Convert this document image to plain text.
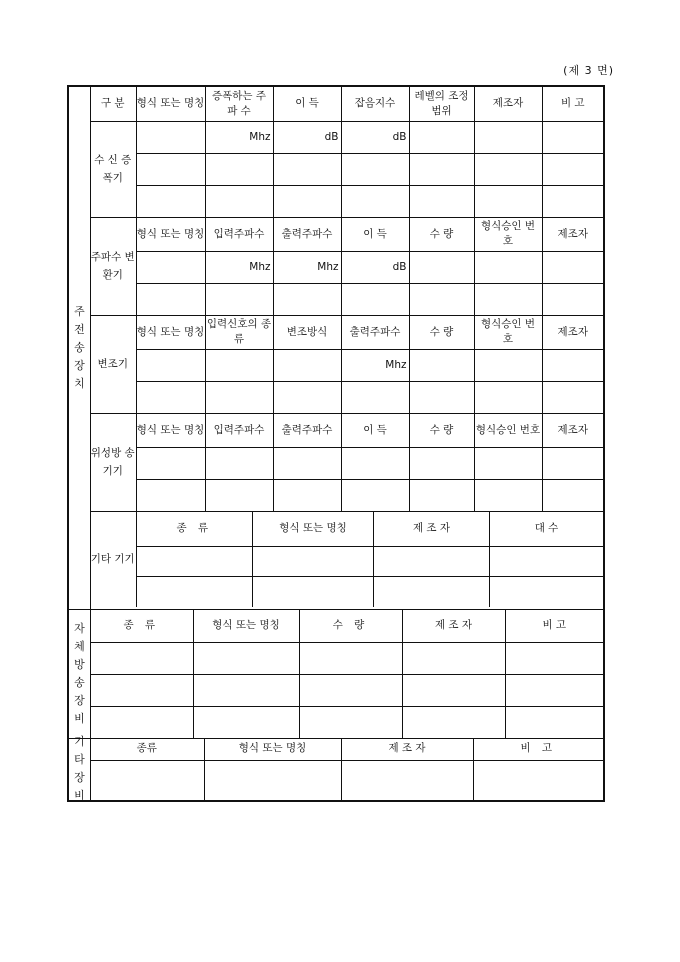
(제 3 면)
주
전
송
장
치
구 분	형식 또는 명칭	증폭하는 주 파 수	이 득	잡음지수	레벨의 조정범위	제조자	비 고
수 신 증폭기		Mhz	dB	dB			

주파수 변환기	형식 또는 명칭	입력주파수	출력주파수	이 득	수 량	형식승인 번 호	제조자
	Mhz	Mhz	dB			

변조기	형식 또는 명칭	입력신호의 종류	변조방식	출력주파수	수 량	형식승인 번 호	제조자
			Mhz			

위성방 송기기	형식 또는 명칭	입력주파수	출력주파수	이 득	수 량	형식승인 번호	제조자

기타 기기	
종 류	형식 또는 명칭	제 조 자	대 수

자
체
방
송
장
비
종 류	형식 또는 명칭	수 량	제 조 자	비 고

기
타
장
비
종류	형식 또는 명칭	제 조 자	비 고
